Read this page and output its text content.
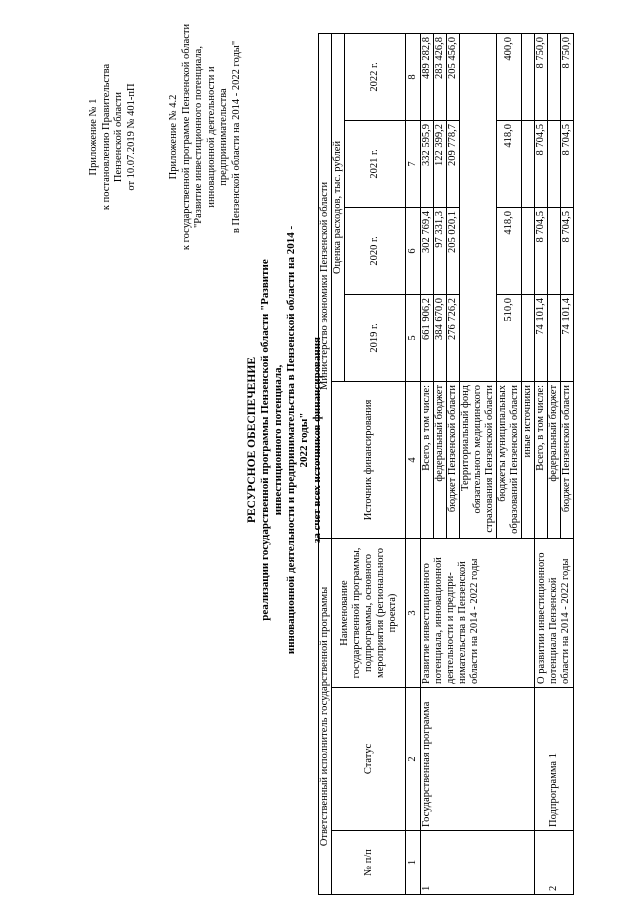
Приложение № 1 к постановлению Правительства Пензенской области от 10.07.2019 № 401-пП	Приложение № 4.2 к государственной программе Пензенской области "Развитие инвестиционного потенциала, инновационной деятельности и предпринимательства в Пензенской области на 2014 - 2022 годы"
РЕСУРСНОЕ ОБЕСПЕЧЕНИЕ реализации государственной программы Пензенской области "Развитие инвестиционного потенциала, инновационной деятельности и предпринимательства в Пензенской области на 2014 - 2022 годы" за счет всех источников финансирования
Ответственный исполнитель государственной программы			Министерство экономики Пензенской области				
№ п/п	Статус	Наименование государственной программы, подпрограммы, основного мероприятия (регионального проекта)	Источник финансирования	Оценка расходов, тыс. рублей			
				2019 г.	2020 г.	2021 г.	2022 г.
1	2	3	4	5	6	7	8
1	Государственная программа	Развитие инвестиционного потенциала, инновационной деятельности и предпри-нимательства в Пензенской области на 2014 - 2022 годы	Всего, в том числе:	661 906,2	302 769,4	332 595,9	489 282,8
			федеральный бюджет	384 670,0	97 331,3	122 399,2	283 426,8
			бюджет Пензенской области	276 726,2	205 020,1	209 778,7	205 456,0
			Территориальный фонд обязательного медицинского страхования Пензенской области				
			бюджеты муниципальных образований Пензенской области	510,0	418,0	418,0	400,0
			иные источники				
2	Подпрограмма 1	О развитии инвестиционного потенциала Пензенской области на 2014 - 2022 годы	Всего, в том числе:	74 101,4	8 704,5	8 704,5	8 750,0
			федеральный бюджет				
			бюджет Пензенской области	74 101,4	8 704,5	8 704,5	8 750,0
